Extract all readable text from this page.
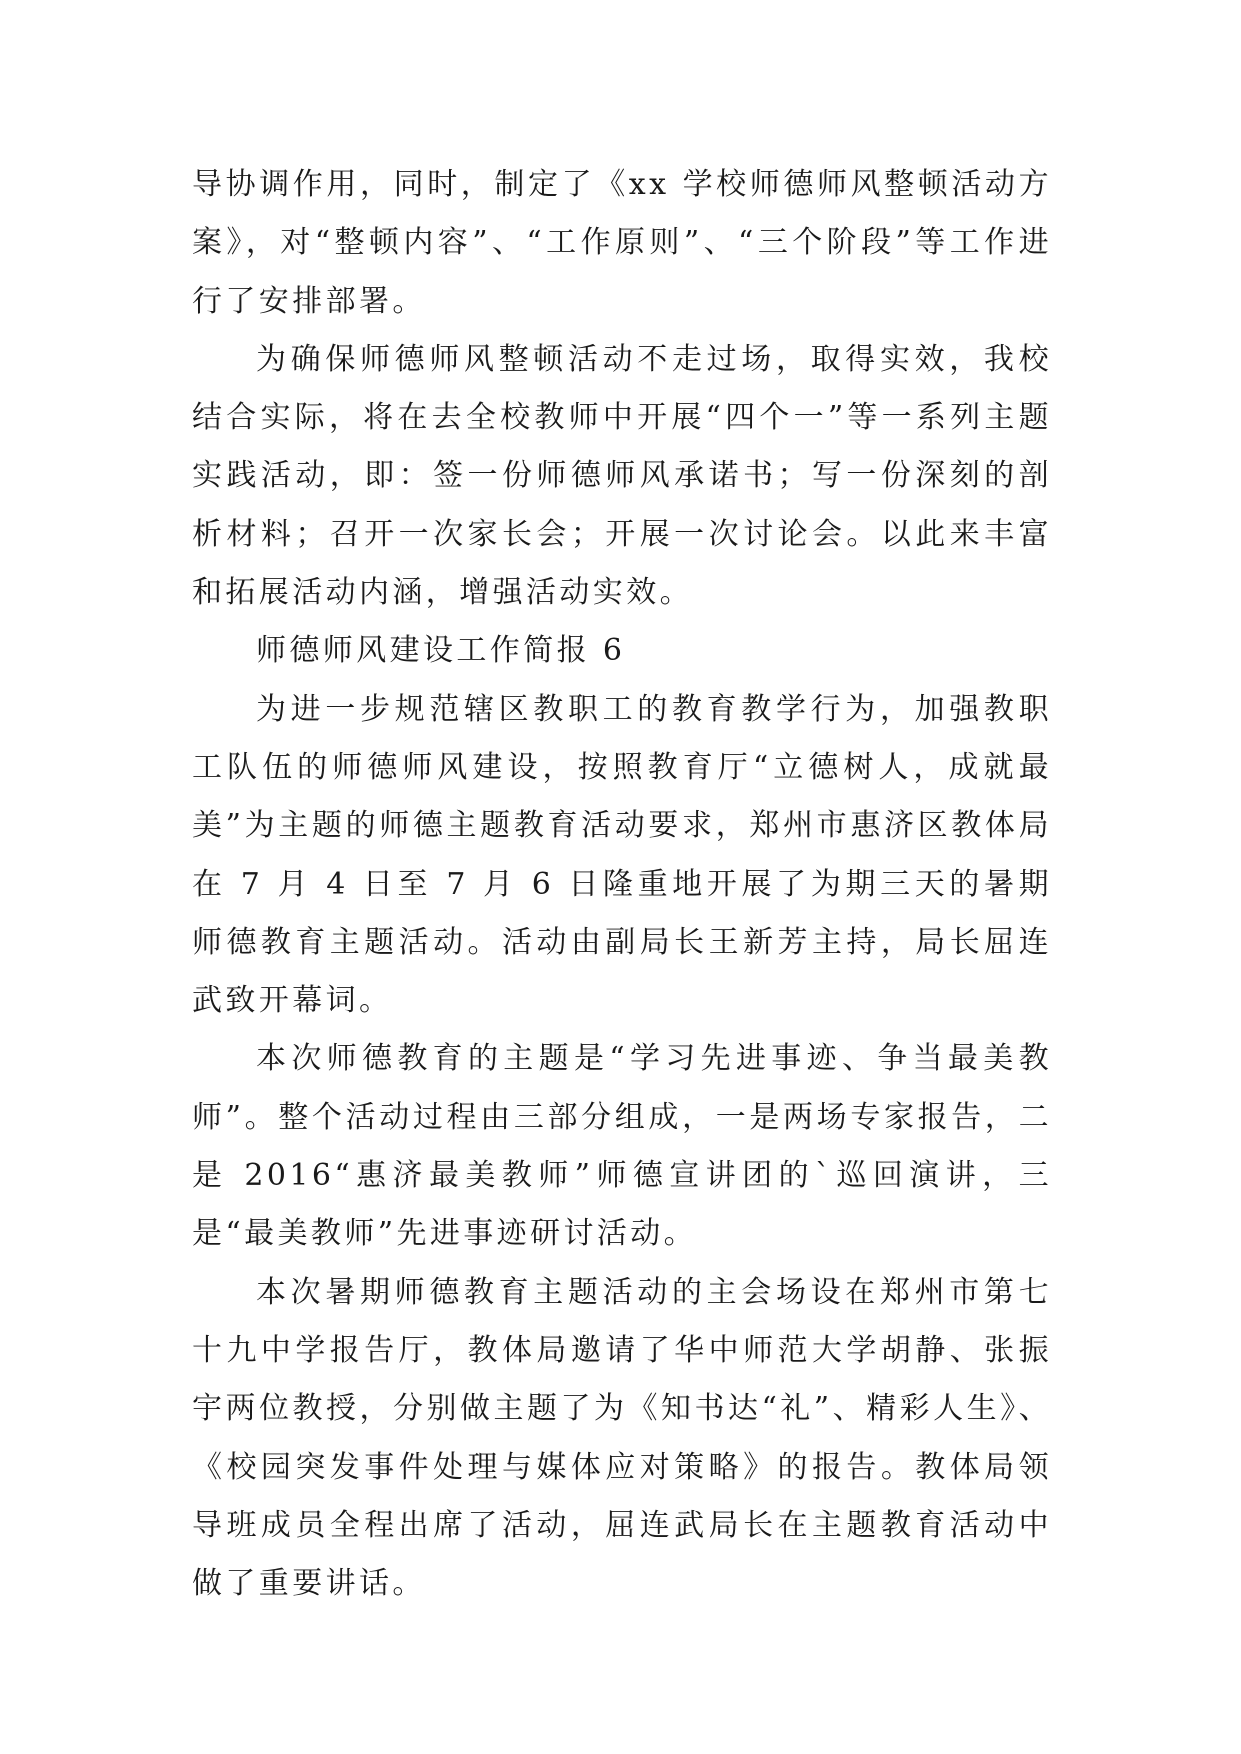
导协调作用，同时，制定了《xx 学校师德师风整顿活动方案》，对“整顿内容”、“工作原则”、“三个阶段”等工作进行了安排部署。

为确保师德师风整顿活动不走过场，取得实效，我校结合实际，将在去全校教师中开展“四个一”等一系列主题实践活动，即：签一份师德师风承诺书；写一份深刻的剖析材料；召开一次家长会；开展一次讨论会。以此来丰富和拓展活动内涵，增强活动实效。

师德师风建设工作简报 6

为进一步规范辖区教职工的教育教学行为，加强教职工队伍的师德师风建设，按照教育厅“立德树人，成就最美”为主题的师德主题教育活动要求，郑州市惠济区教体局在 7 月 4 日至 7 月 6 日隆重地开展了为期三天的暑期师德教育主题活动。活动由副局长王新芳主持，局长屈连武致开幕词。

本次师德教育的主题是“学习先进事迹、争当最美教师”。整个活动过程由三部分组成，一是两场专家报告，二是 2016“惠济最美教师”师德宣讲团的`巡回演讲，三是“最美教师”先进事迹研讨活动。

本次暑期师德教育主题活动的主会场设在郑州市第七十九中学报告厅，教体局邀请了华中师范大学胡静、张振宇两位教授，分别做主题了为《知书达“礼”、精彩人生》、《校园突发事件处理与媒体应对策略》的报告。教体局领导班成员全程出席了活动，屈连武局长在主题教育活动中做了重要讲话。
